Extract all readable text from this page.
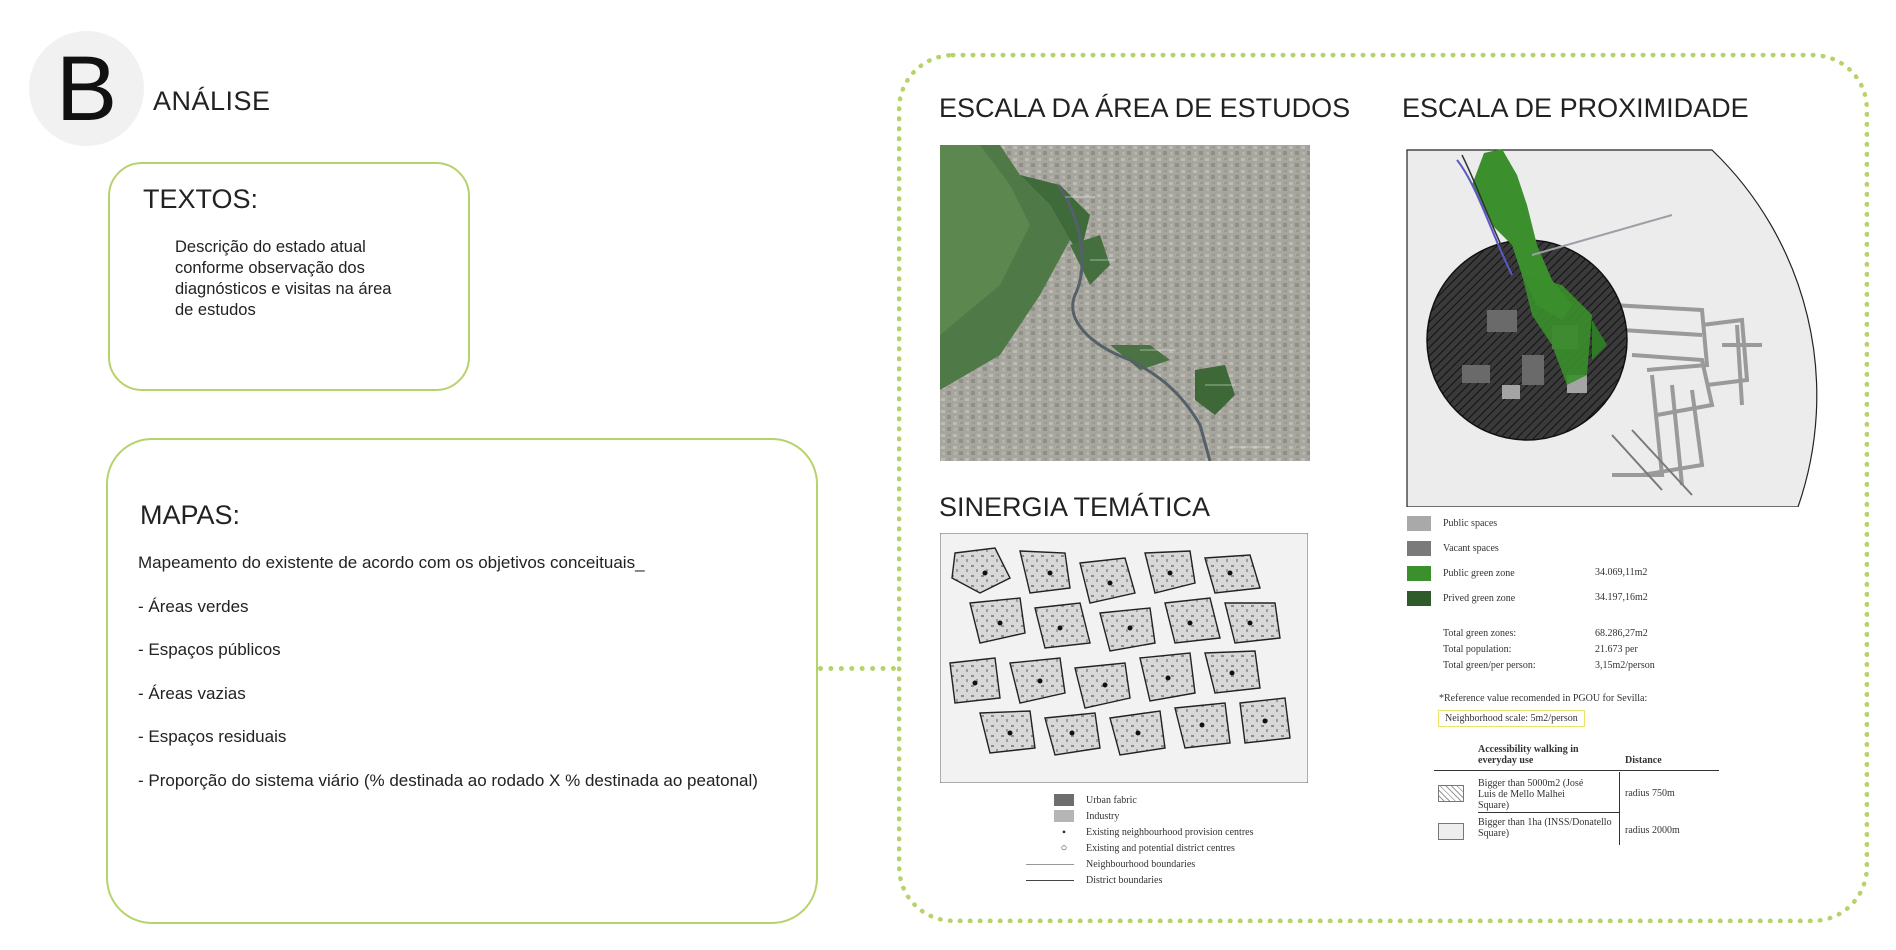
B	ANÁLISE
TEXTOS:
Descrição do estado atual conforme observação dos diagnósticos e visitas na área de estudos
MAPAS:
Mapeamento do existente de acordo com os objetivos conceituais_
- Áreas verdes
- Espaços públicos
- Áreas vazias
- Espaços residuais
- Proporção do sistema viário (% destinada ao rodado X % destinada ao peatonal)
ESCALA DA ÁREA DE ESTUDOS ESCALA DE PROXIMIDADE
SINERGIA TEMÁTICA
Urban fabric
Industry
•	Existing neighbourhood provision centres
○	Existing and potential district centres
Neighbourhood boundaries
District boundaries
Public spaces
Vacant spaces
Public green zone	34.069,11m2
Prived green zone	34.197,16m2
Total green zones:	68.286,27m2
Total population:	21.673 per
Total green/per person:	3,15m2/person
*Reference value recomended in PGOU for Sevilla:
Neighborhood scale: 5m2/person
Accessibility walking in everyday use	Distance
Bigger than 5000m2 (José Luis de Mello Malhei Square)
radius 750m
Bigger than 1ha (INSS/Donatello Square)	radius 2000m
